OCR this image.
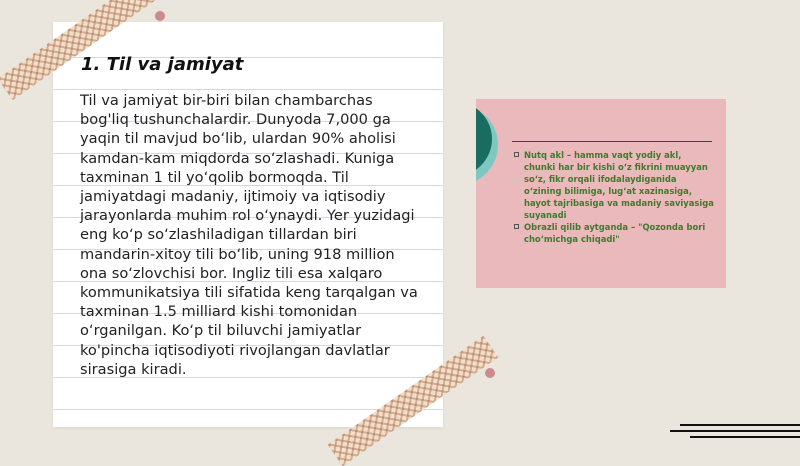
1. Til va jamiyat

Til va jamiyat bir-biri bilan chambarchas bog'liq tushunchalardir. Dunyoda 7,000 ga yaqin til mavjud bo‘lib, ulardan 90% aholisi kamdan-kam miqdorda so‘zlashadi. Kuniga taxminan 1 til yo‘qolib bormoqda. Til jamiyatdagi madaniy, ijtimoiy va iqtisodiy jarayonlarda muhim rol o‘ynaydi. Yer yuzidagi eng ko‘p so‘zlashiladigan tillardan biri mandarin-xitoy tili bo‘lib, uning 918 million ona so‘zlovchisi bor. Ingliz tili esa xalqaro kommunikatsiya tili sifatida keng tarqalgan va taxminan 1.5 milliard kishi tomonidan o‘rganilgan. Ko‘p til biluvchi jamiyatlar ko'pincha iqtisodiyoti rivojlangan davlatlar sirasiga kiradi.

Nutq akl – hamma vaqt yodiy akl, chunki har bir kishi o‘z fikrini muayyan so‘z, fikr orqali ifodalaydiganida o‘zining bilimiga, lug‘at xazinasiga, hayot tajribasiga va madaniy saviyasiga suyanadi
Obrazli qilib aytganda – "Qozonda bori cho‘michga chiqadi"
